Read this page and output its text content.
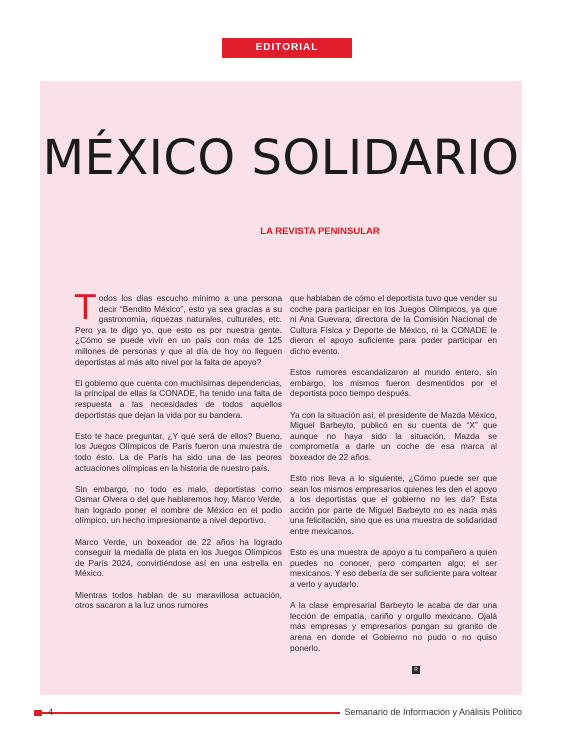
EDITORIAL
MÉXICO SOLIDARIO
LA REVISTA PENINSULAR

Todos los días escucho mínimo a una persona decir “Bendito México”, esto ya sea gracias a su gastronomía, riquezas naturales, culturales, etc. Pero ya te digo yo, que esto es por nuestra gente. ¿Cómo se puede vivir en un país con más de 125 millones de personas y que al día de hoy no lleguen deportistas al más alto nivel por la falta de apoyo?

El gobierno que cuenta con muchísimas dependencias, la principal de ellas la CONADE, ha tenido una falta de respuesta a las necesidades de todos aquellos deportistas que dejan la vida por su bandera.

Esto te hace preguntar, ¿Y qué será de ellos? Bueno, los Juegos Olímpicos de París fueron una muestra de todo ésto. La de París ha sido una de las peores actuaciones olímpicas en la historia de nuestro país.

Sin embargo, no todo es malo, deportistas como Osmar Olvera o del que hablaremos hoy, Marco Verde, han logrado poner el nombre de México en el podio olímpico, un hecho impresionante a nivel deportivo.

Marco Verde, un boxeador de 22 años ha logrado conseguir la medalla de plata en los Juegos Olímpicos de París 2024, convirtiéndose así en una estrella en México.

Mientras todos hablan de su maravillosa actuación, otros sacaron a la luz unos rumores

que hablaban de cómo el deportista tuvo que vender su coche para participar en los Juegos Olímpicos, ya que ni Ana Guevara, directora de la Comisión Nacional de Cultura Física y Deporte de México, ni la CONADE le dieron el apoyo suficiente para poder participar en dicho evento.

Estos rumores escandalizaron al mundo entero, sin embargo, los mismos fueron desmentidos por el deportista poco tiempo después.

Ya con la situación así, el presidente de Mazda México, Miguel Barbeyto, publicó en su cuenta de “X” que aunque no haya sido la situación, Mazda se comprometía a darle un coche de esa marca al boxeador de 22 años.

Esto nos lleva a lo siguiente, ¿Cómo puede ser que sean los mismos empresarios quienes les den el apoyo a los deportistas que el gobierno no les da? Esta acción por parte de Miguel Barbeyto no es nada más una felicitación, sino que es una muestra de solidaridad entre mexicanos.

Esto es una muestra de apoyo a tu compañero a quien puedes no conocer, pero comparten algo; el ser mexicanos. Y eso debería de ser suficiente para voltear a verlo y ayudarlo.

A la clase empresarial Barbeyto le acaba de dar una lección de empatía, cariño y orgullo mexicano. Ojalá más empresas y empresarios pongan su granito de arena en donde el Gobierno no pudo o no quiso ponerlo.

R

4	Semanario de Información y Análisis Político
